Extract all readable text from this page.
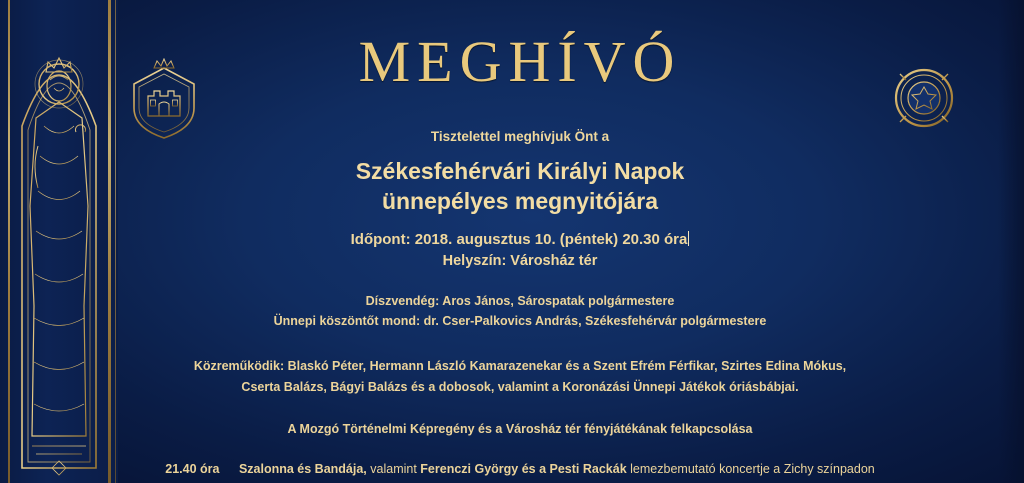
MEGHÍVÓ
Tisztelettel meghívjuk Önt a
Székesfehérvári Királyi Napok
ünnepélyes megnyitójára
Időpont: 2018. augusztus 10. (péntek) 20.30 óra
Helyszín: Városház tér
Díszvendég: Aros János, Sárospatak polgármestere
Ünnepi köszöntőt mond: dr. Cser-Palkovics András, Székesfehérvár polgármestere
Közreműködik: Blaskó Péter, Hermann László Kamarazenekar és a Szent Efrém Férfikar, Szirtes Edina Mókus,
Cserta Balázs, Bágyi Balázs és a dobosok, valamint a Koronázási Ünnepi Játékok óriásbábjai.
A Mozgó Történelmi Képregény és a Városház tér fényjátékának felkapcsolása
21.40 óra Szalonna és Bandája, valamint Ferenczi György és a Pesti Rackák lemezbemutató koncertje a Zichy színpadon
